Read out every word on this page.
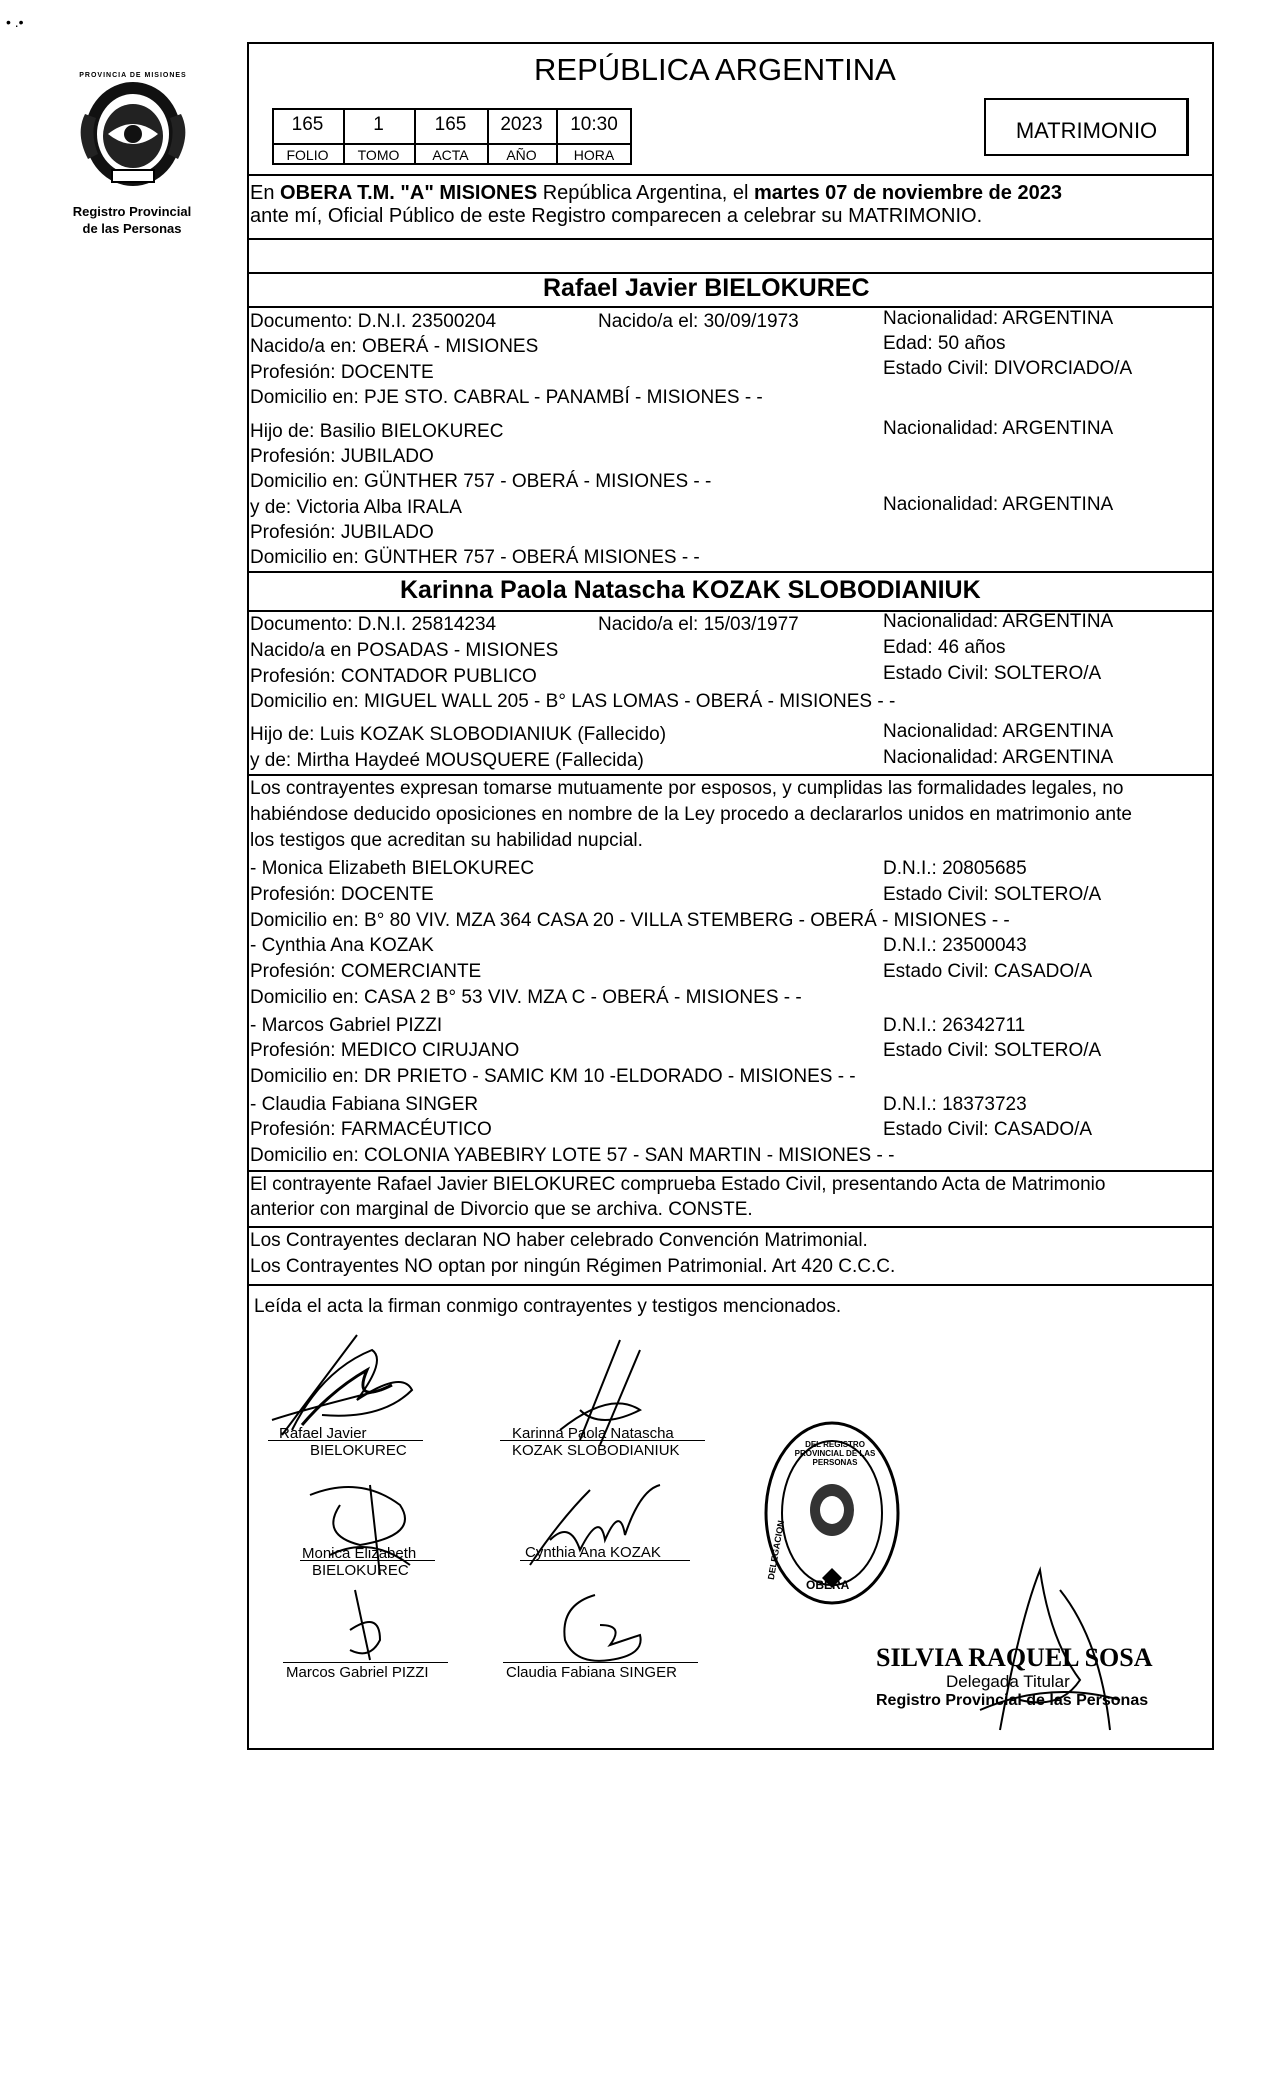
• .•
PROVINCIA DE MISIONES
Registro Provincial
de las Personas
REPÚBLICA ARGENTINA
165	1	165	2023	10:30
FOLIO	TOMO	ACTA	AÑO	HORA
MATRIMONIO
En OBERA T.M. "A" MISIONES República Argentina, el martes 07 de noviembre de 2023
ante mí, Oficial Público de este Registro comparecen a celebrar su MATRIMONIO.
Rafael Javier BIELOKUREC
Documento: D.N.I. 23500204	Nacido/a el: 30/09/1973	Nacionalidad: ARGENTINA
Nacido/a en: OBERÁ - MISIONES	Edad: 50 años
Profesión: DOCENTE	Estado Civil: DIVORCIADO/A
Domicilio en: PJE STO. CABRAL - PANAMBÍ - MISIONES - -
Hijo de: Basilio BIELOKUREC	Nacionalidad: ARGENTINA
Profesión: JUBILADO
Domicilio en: GÜNTHER 757 - OBERÁ - MISIONES - -
y de: Victoria Alba IRALA	Nacionalidad: ARGENTINA
Profesión: JUBILADO
Domicilio en: GÜNTHER 757 - OBERÁ MISIONES - -
Karinna Paola Natascha KOZAK SLOBODIANIUK
Documento: D.N.I. 25814234	Nacido/a el: 15/03/1977	Nacionalidad: ARGENTINA
Nacido/a en POSADAS - MISIONES	Edad: 46 años
Profesión: CONTADOR PUBLICO	Estado Civil: SOLTERO/A
Domicilio en: MIGUEL WALL 205 - B° LAS LOMAS - OBERÁ - MISIONES - -
Hijo de: Luis KOZAK SLOBODIANIUK (Fallecido)	Nacionalidad: ARGENTINA
y de: Mirtha Haydeé MOUSQUERE (Fallecida)	Nacionalidad: ARGENTINA
Los contrayentes expresan tomarse mutuamente por esposos, y cumplidas las formalidades legales, no
habiéndose deducido oposiciones en nombre de la Ley procedo a declararlos unidos en matrimonio ante
los testigos que acreditan su habilidad nupcial.
- Monica Elizabeth BIELOKUREC	D.N.I.: 20805685
Profesión: DOCENTE	Estado Civil: SOLTERO/A
Domicilio en: B° 80 VIV. MZA 364 CASA 20 - VILLA STEMBERG - OBERÁ - MISIONES - -
- Cynthia Ana KOZAK	D.N.I.: 23500043
Profesión: COMERCIANTE	Estado Civil: CASADO/A
Domicilio en: CASA 2 B° 53 VIV. MZA C - OBERÁ - MISIONES - -
- Marcos Gabriel PIZZI	D.N.I.: 26342711
Profesión: MEDICO CIRUJANO	Estado Civil: SOLTERO/A
Domicilio en: DR PRIETO - SAMIC KM 10 -ELDORADO - MISIONES - -
- Claudia Fabiana SINGER	D.N.I.: 18373723
Profesión: FARMACÉUTICO	Estado Civil: CASADO/A
Domicilio en: COLONIA YABEBIRY LOTE 57 - SAN MARTIN - MISIONES - -
El contrayente Rafael Javier BIELOKUREC comprueba Estado Civil, presentando Acta de Matrimonio
anterior con marginal de Divorcio que se archiva. CONSTE.
Los Contrayentes declaran NO haber celebrado Convención Matrimonial.
Los Contrayentes NO optan por ningún Régimen Patrimonial. Art 420 C.C.C.
Leída el acta la firman conmigo contrayentes y testigos mencionados.
Rafael Javier
BIELOKUREC
Karinna Paola Natascha
KOZAK SLOBODIANIUK
Monica Elizabeth
BIELOKUREC
Cynthia Ana KOZAK
Marcos Gabriel PIZZI	Claudia Fabiana SINGER
DEL REGISTRO PROVINCIAL DE LAS PERSONAS
DELEGACION
OBERA
SILVIA RAQUEL SOSA
Delegada Titular
Registro Provincial de las Personas
